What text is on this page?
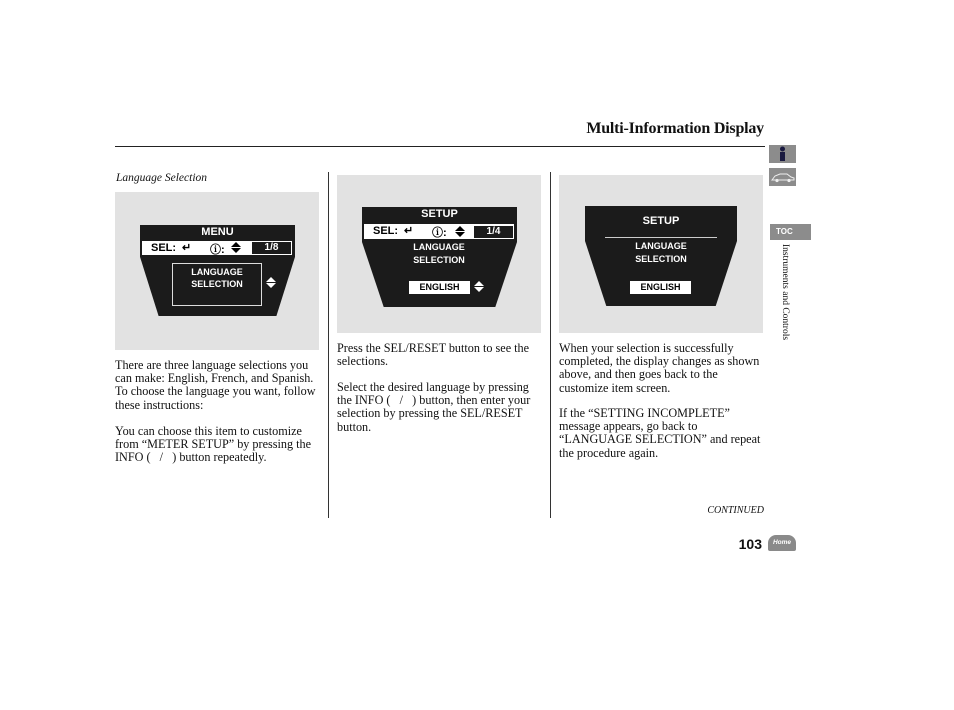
Multi-Information Display
Language Selection
MENU
SEL: ↵ ⓘ:	1/8
LANGUAGE
SELECTION
There are three language selections you can make: English, French, and Spanish. To choose the language you want, follow these instructions:
You can choose this item to customize from “METER SETUP” by pressing the INFO (   /   ) button repeatedly.
SETUP
SEL: ↵ ⓘ:	1/4
LANGUAGE
SELECTION
ENGLISH
Press the SEL/RESET button to see the selections.
Select the desired language by pressing the INFO (   /   ) button, then enter your selection by pressing the SEL/RESET button.
SETUP
LANGUAGE
SELECTION
ENGLISH
When your selection is successfully completed, the display changes as shown above, and then goes back to the customize item screen.
If the “SETTING INCOMPLETE” message appears, go back to “LANGUAGE SELECTION” and repeat the procedure again.
CONTINUED
103	Home
TOC
Instruments and Controls
